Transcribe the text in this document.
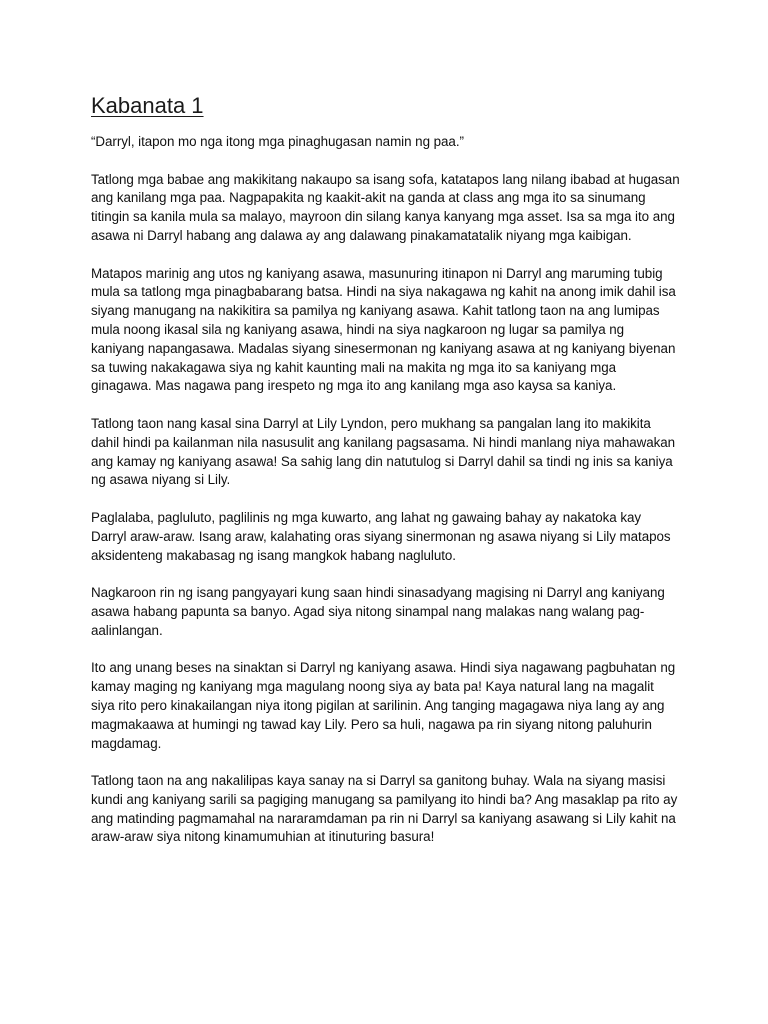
Kabanata 1

“Darryl, itapon mo nga itong mga pinaghugasan namin ng paa.”

Tatlong mga babae ang makikitang nakaupo sa isang sofa, katatapos lang nilang ibabad at hugasan ang kanilang mga paa. Nagpapakita ng kaakit-akit na ganda at class ang mga ito sa sinumang titingin sa kanila mula sa malayo, mayroon din silang kanya kanyang mga asset. Isa sa mga ito ang asawa ni Darryl habang ang dalawa ay ang dalawang pinakamatatalik niyang mga kaibigan.

Matapos marinig ang utos ng kaniyang asawa, masunuring itinapon ni Darryl ang maruming tubig mula sa tatlong mga pinagbabarang batsa. Hindi na siya nakagawa ng kahit na anong imik dahil isa siyang manugang na nakikitira sa pamilya ng kaniyang asawa. Kahit tatlong taon na ang lumipas mula noong ikasal sila ng kaniyang asawa, hindi na siya nagkaroon ng lugar sa pamilya ng kaniyang napangasawa. Madalas siyang sinesermonan ng kaniyang asawa at ng kaniyang biyenan sa tuwing nakakagawa siya ng kahit kaunting mali na makita ng mga ito sa kaniyang mga ginagawa. Mas nagawa pang irespeto ng mga ito ang kanilang mga aso kaysa sa kaniya.

Tatlong taon nang kasal sina Darryl at Lily Lyndon, pero mukhang sa pangalan lang ito makikita dahil hindi pa kailanman nila nasusulit ang kanilang pagsasama. Ni hindi manlang niya mahawakan ang kamay ng kaniyang asawa! Sa sahig lang din natutulog si Darryl dahil sa tindi ng inis sa kaniya ng asawa niyang si Lily.

Paglalaba, pagluluto, paglilinis ng mga kuwarto, ang lahat ng gawaing bahay ay nakatoka kay Darryl araw-araw. Isang araw, kalahating oras siyang sinermonan ng asawa niyang si Lily matapos aksidenteng makabasag ng isang mangkok habang nagluluto.

Nagkaroon rin ng isang pangyayari kung saan hindi sinasadyang magising ni Darryl ang kaniyang asawa habang papunta sa banyo. Agad siya nitong sinampal nang malakas nang walang pag-aalinlangan.

Ito ang unang beses na sinaktan si Darryl ng kaniyang asawa. Hindi siya nagawang pagbuhatan ng kamay maging ng kaniyang mga magulang noong siya ay bata pa! Kaya natural lang na magalit siya rito pero kinakailangan niya itong pigilan at sarilinin. Ang tanging magagawa niya lang ay ang magmakaawa at humingi ng tawad kay Lily. Pero sa huli, nagawa pa rin siyang nitong paluhurin magdamag.

Tatlong taon na ang nakalilipas kaya sanay na si Darryl sa ganitong buhay. Wala na siyang masisi kundi ang kaniyang sarili sa pagiging manugang sa pamilyang ito hindi ba? Ang masaklap pa rito ay ang matinding pagmamahal na nararamdaman pa rin ni Darryl sa kaniyang asawang si Lily kahit na araw-araw siya nitong kinamumuhian at itinuturing basura!
